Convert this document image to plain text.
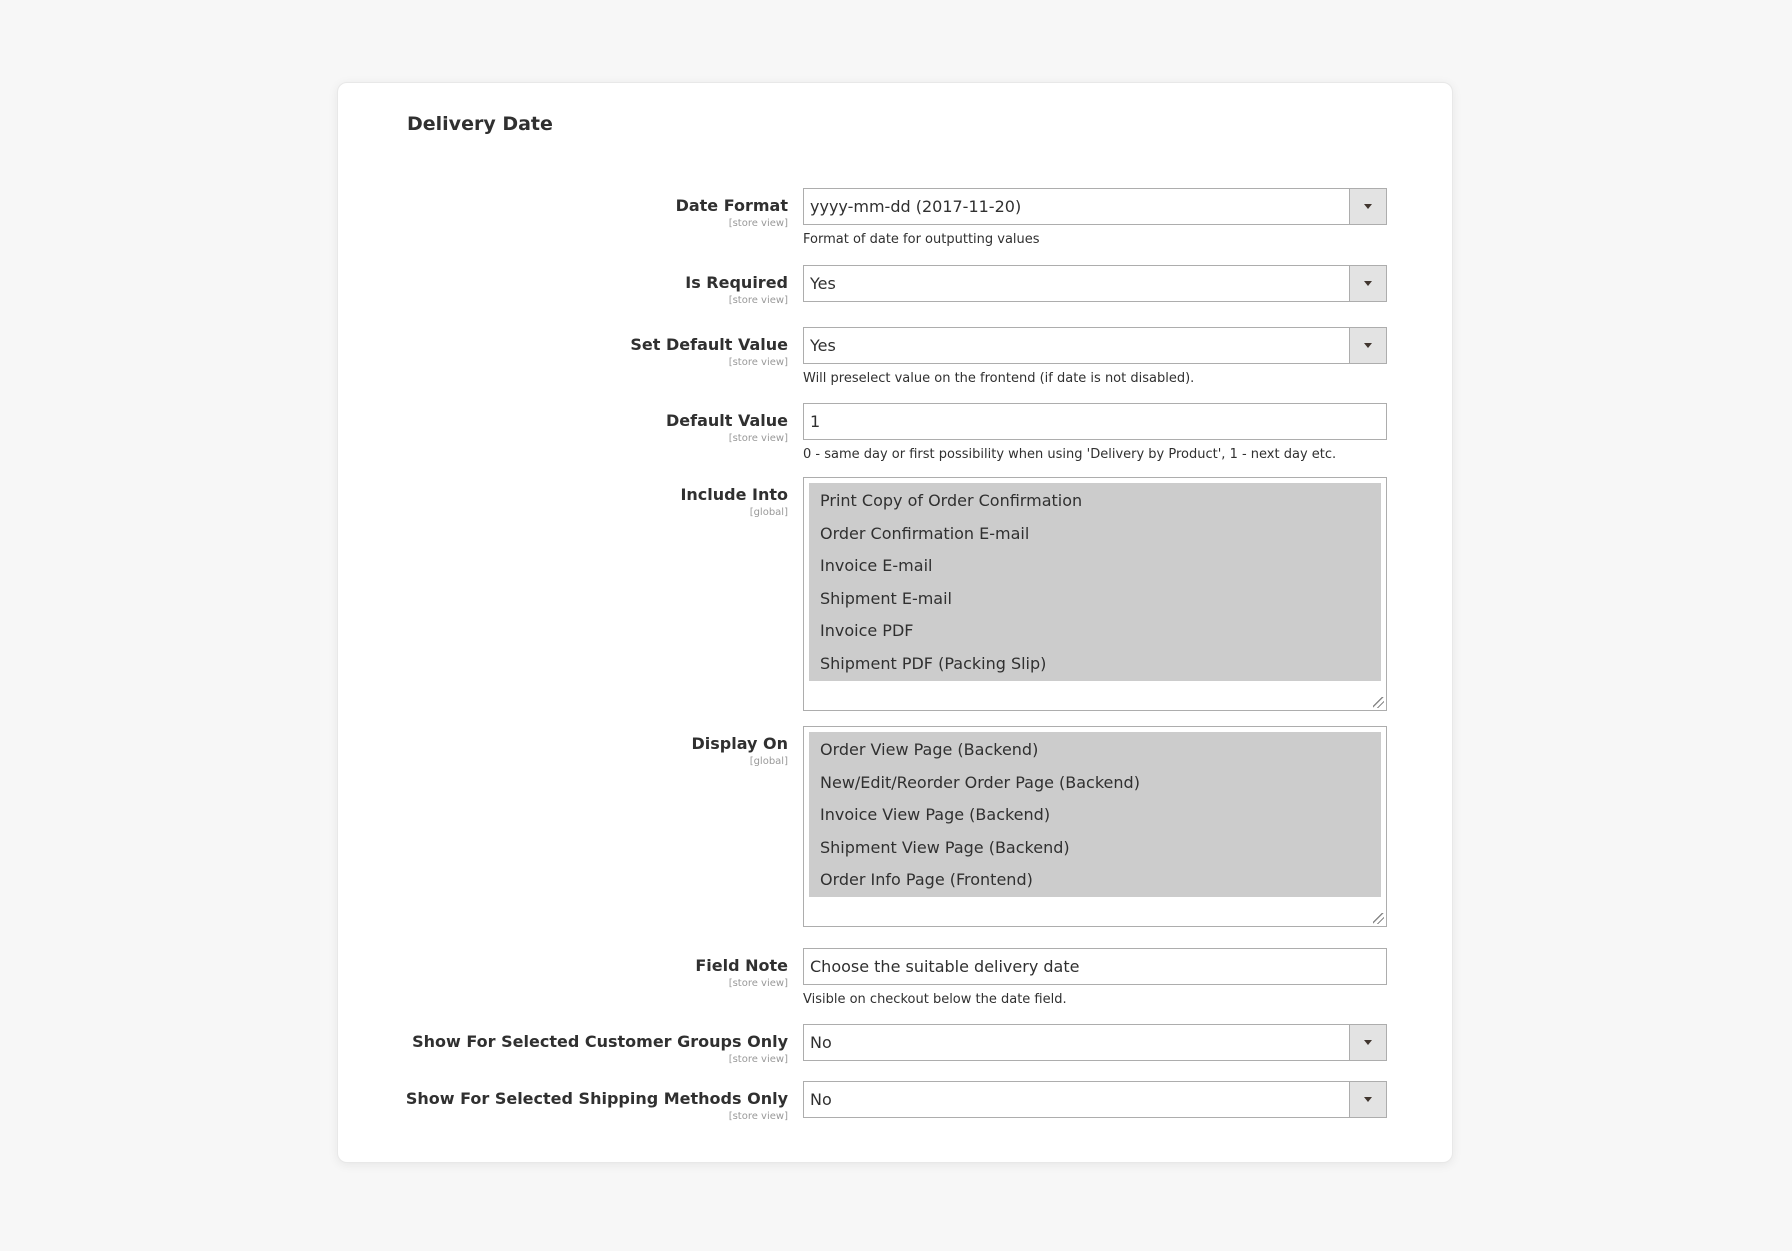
Delivery Date
Date Format
[store view]
yyyy-mm-dd (2017-11-20)
Format of date for outputting values
Is Required
[store view]
Yes
Set Default Value
[store view]
Yes
Will preselect value on the frontend (if date is not disabled).
Default Value
[store view]
1
0 - same day or first possibility when using 'Delivery by Product', 1 - next day etc.
Include Into
[global]
Print Copy of Order Confirmation
Order Confirmation E-mail
Invoice E-mail
Shipment E-mail
Invoice PDF
Shipment PDF (Packing Slip)
Display On
[global]
Order View Page (Backend)
New/Edit/Reorder Order Page (Backend)
Invoice View Page (Backend)
Shipment View Page (Backend)
Order Info Page (Frontend)
Field Note
[store view]
Choose the suitable delivery date
Visible on checkout below the date field.
Show For Selected Customer Groups Only
[store view]
No
Show For Selected Shipping Methods Only
[store view]
No
